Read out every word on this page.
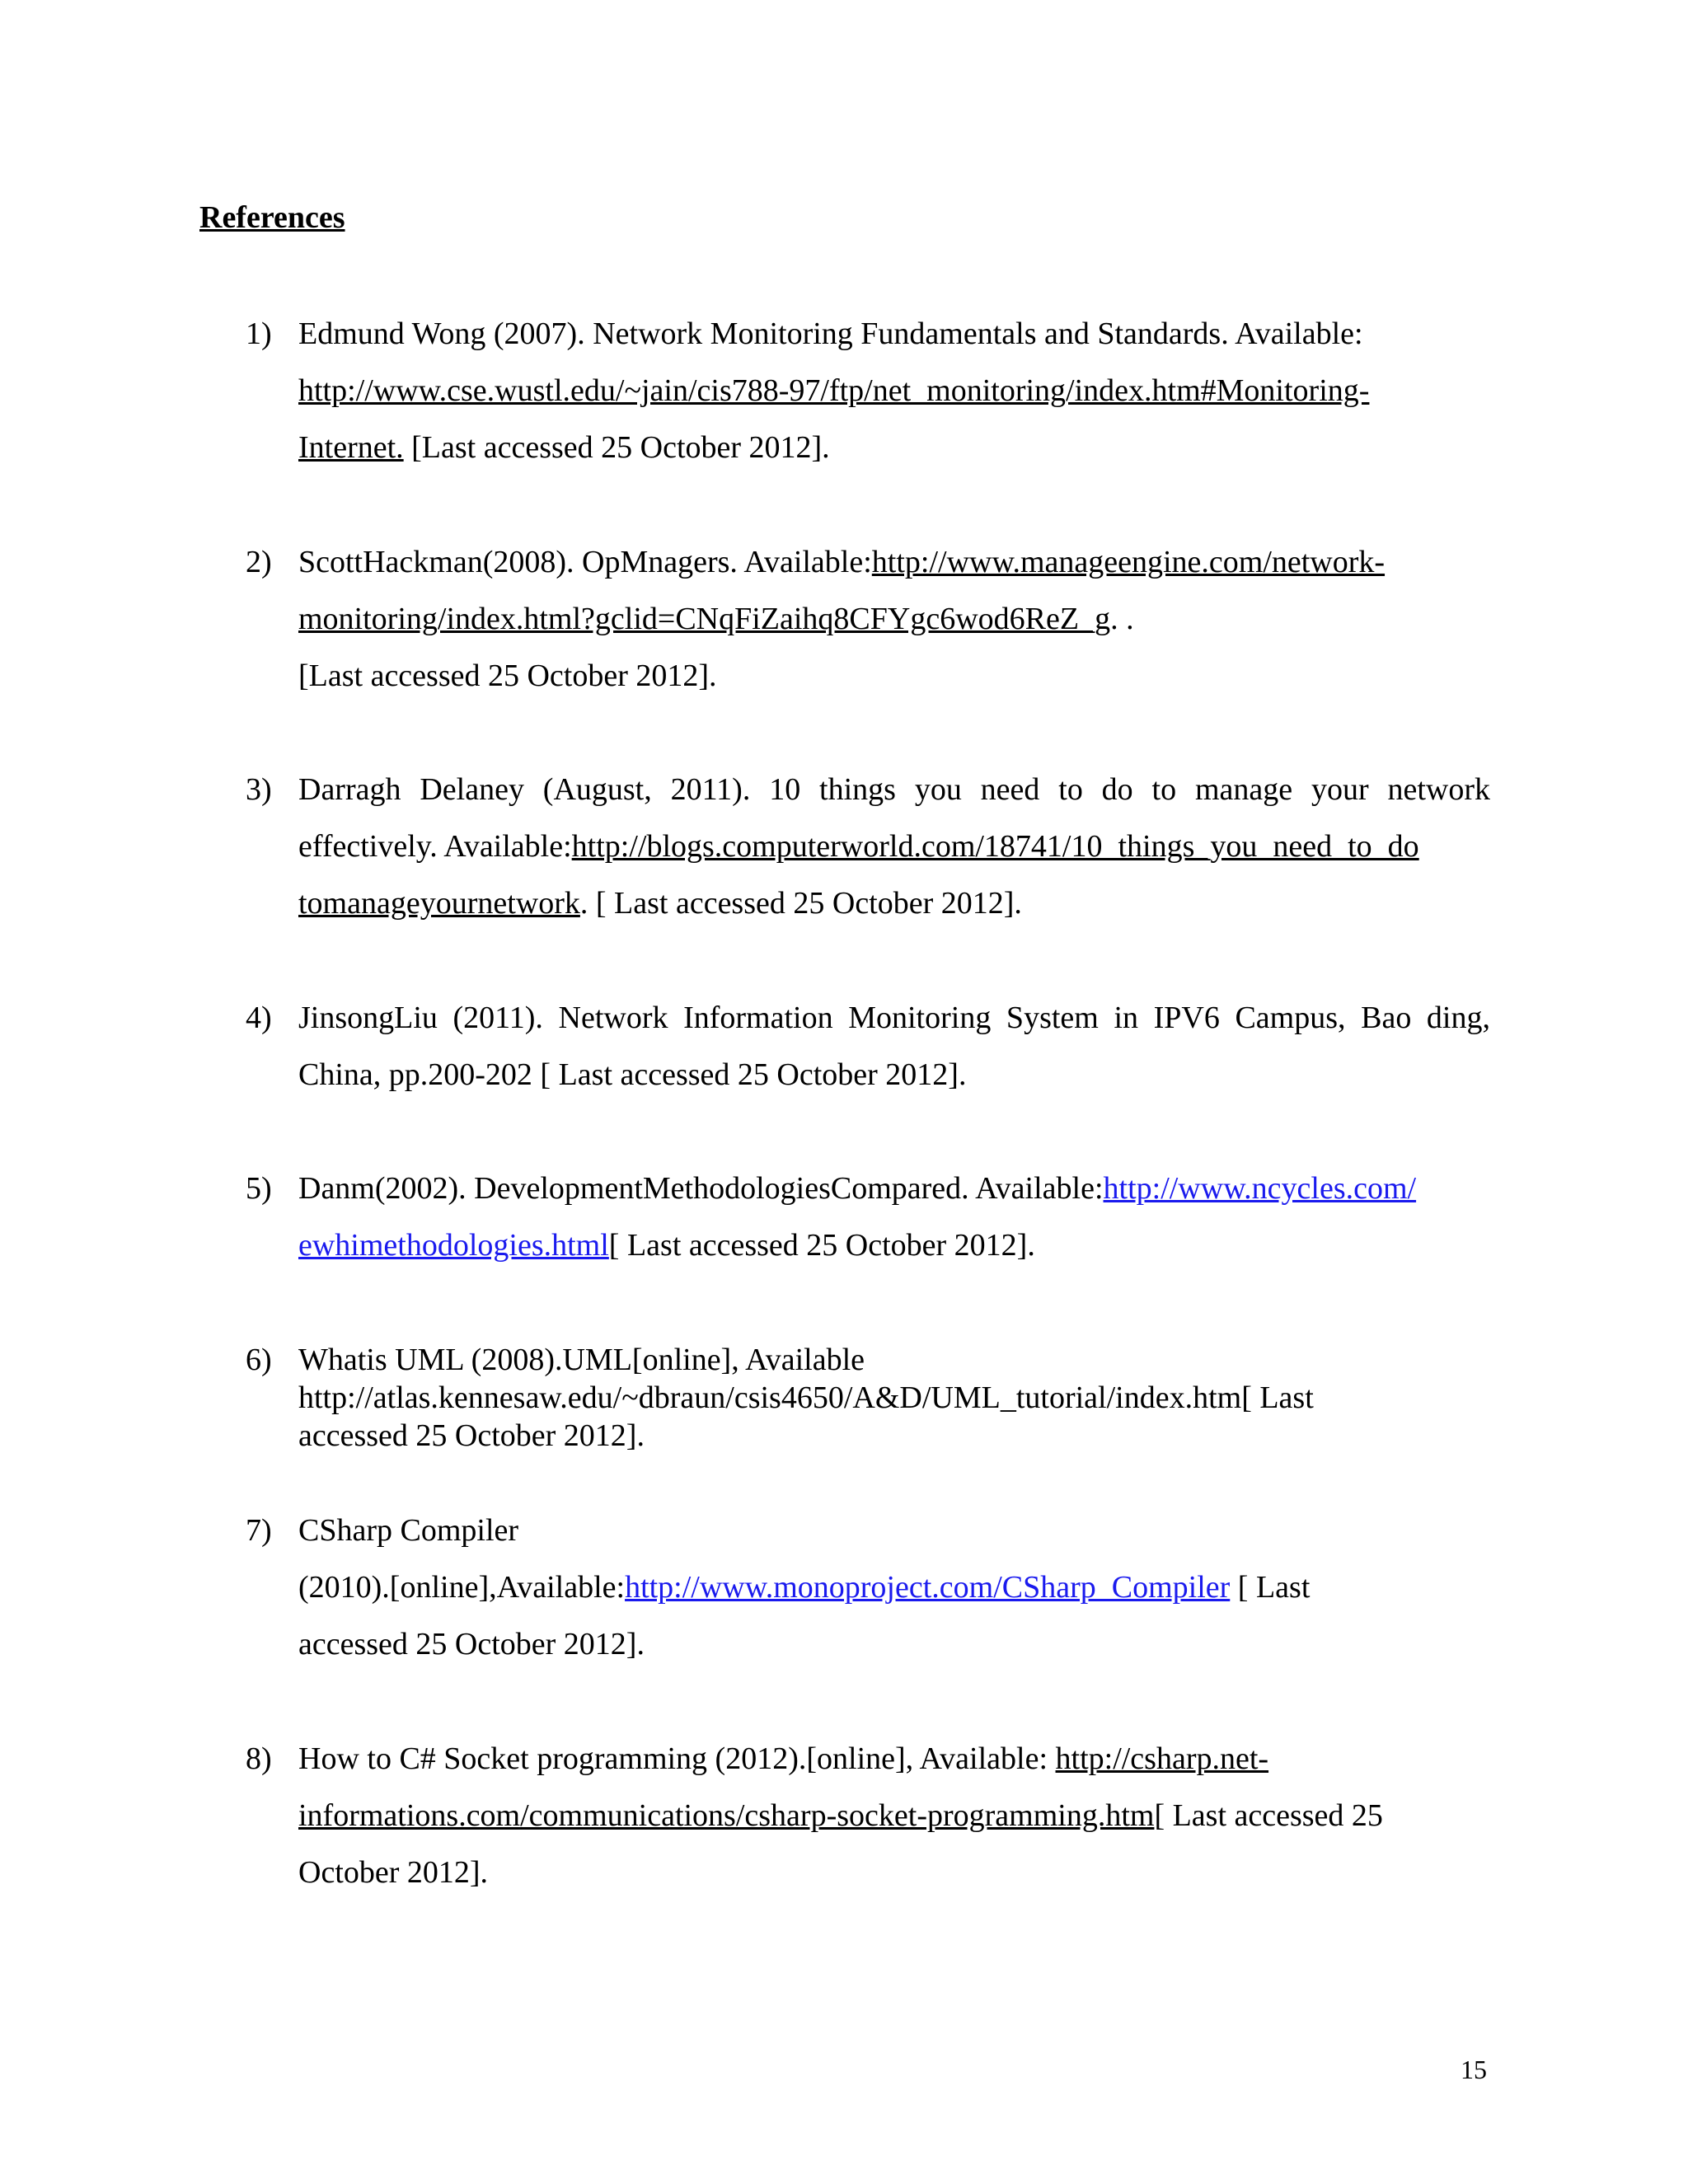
References
1) Edmund Wong (2007). Network Monitoring Fundamentals and Standards. Available:
http://www.cse.wustl.edu/~jain/cis788-97/ftp/net_monitoring/index.htm#Monitoring-
Internet. [Last accessed 25 October 2012].
2) ScottHackman(2008). OpMnagers. Available:http://www.manageengine.com/network-
monitoring/index.html?gclid=CNqFiZaihq8CFYgc6wod6ReZ_g. .
[Last accessed 25 October 2012].
3) Darragh Delaney (August, 2011). 10 things you need to do to manage your network effectively. Available:http://blogs.computerworld.com/18741/10_things_you_need_to_do
tomanageyournetwork. [ Last accessed 25 October 2012].
4) JinsongLiu (2011). Network Information Monitoring System in IPV6 Campus, Bao ding, China, pp.200-202 [ Last accessed 25 October 2012].
5) Danm(2002). DevelopmentMethodologiesCompared. Available:http://www.ncycles.com/
ewhimethodologies.html[ Last accessed 25 October 2012].
6) Whatis UML (2008).UML[online], Available
http://atlas.kennesaw.edu/~dbraun/csis4650/A&D/UML_tutorial/index.htm[ Last
accessed 25 October 2012].
7) CSharp Compiler
(2010).[online],Available:http://www.monoproject.com/CSharp_Compiler [ Last
accessed 25 October 2012].
8) How to C# Socket programming (2012).[online], Available: http://csharp.net-
informations.com/communications/csharp-socket-programming.htm[ Last accessed 25
October 2012].
15
